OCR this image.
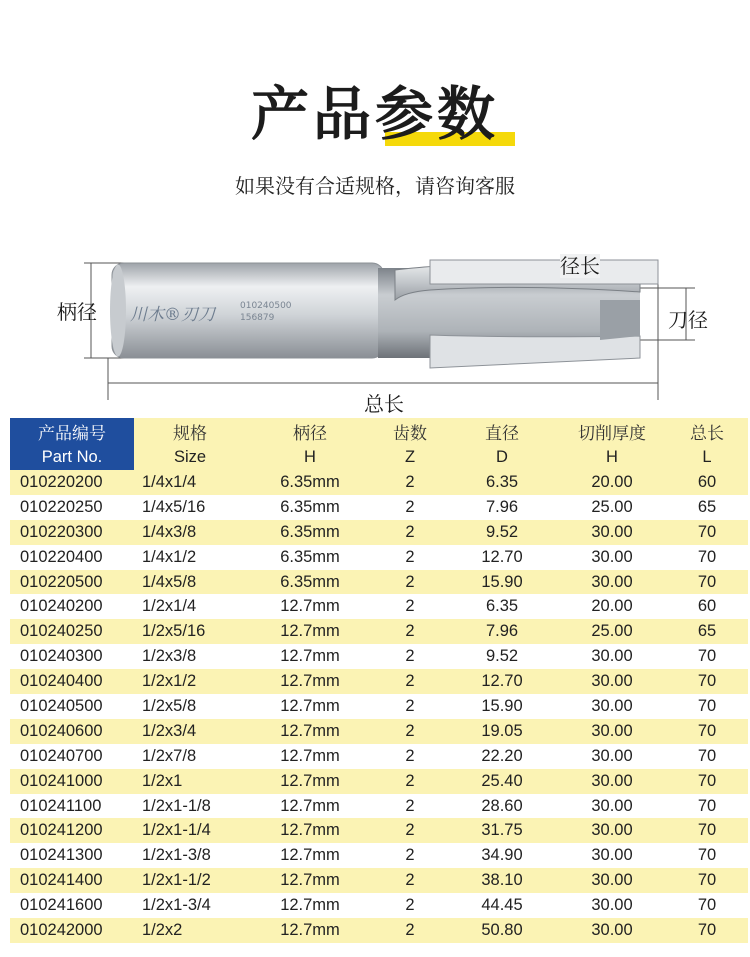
产品参数
如果没有合适规格，请咨询客服
川木®刃刀	010240500
156879
柄径
径长
刀径
总长
产品编号	规格	柄径	齿数	直径	切削厚度	总长
Part No.	Size	H	Z	D	H	L
010220200	1/4x1/4	6.35mm	2	6.35	20.00	60
010220250	1/4x5/16	6.35mm	2	7.96	25.00	65
010220300	1/4x3/8	6.35mm	2	9.52	30.00	70
010220400	1/4x1/2	6.35mm	2	12.70	30.00	70
010220500	1/4x5/8	6.35mm	2	15.90	30.00	70
010240200	1/2x1/4	12.7mm	2	6.35	20.00	60
010240250	1/2x5/16	12.7mm	2	7.96	25.00	65
010240300	1/2x3/8	12.7mm	2	9.52	30.00	70
010240400	1/2x1/2	12.7mm	2	12.70	30.00	70
010240500	1/2x5/8	12.7mm	2	15.90	30.00	70
010240600	1/2x3/4	12.7mm	2	19.05	30.00	70
010240700	1/2x7/8	12.7mm	2	22.20	30.00	70
010241000	1/2x1	12.7mm	2	25.40	30.00	70
010241100	1/2x1-1/8	12.7mm	2	28.60	30.00	70
010241200	1/2x1-1/4	12.7mm	2	31.75	30.00	70
010241300	1/2x1-3/8	12.7mm	2	34.90	30.00	70
010241400	1/2x1-1/2	12.7mm	2	38.10	30.00	70
010241600	1/2x1-3/4	12.7mm	2	44.45	30.00	70
010242000	1/2x2	12.7mm	2	50.80	30.00	70
